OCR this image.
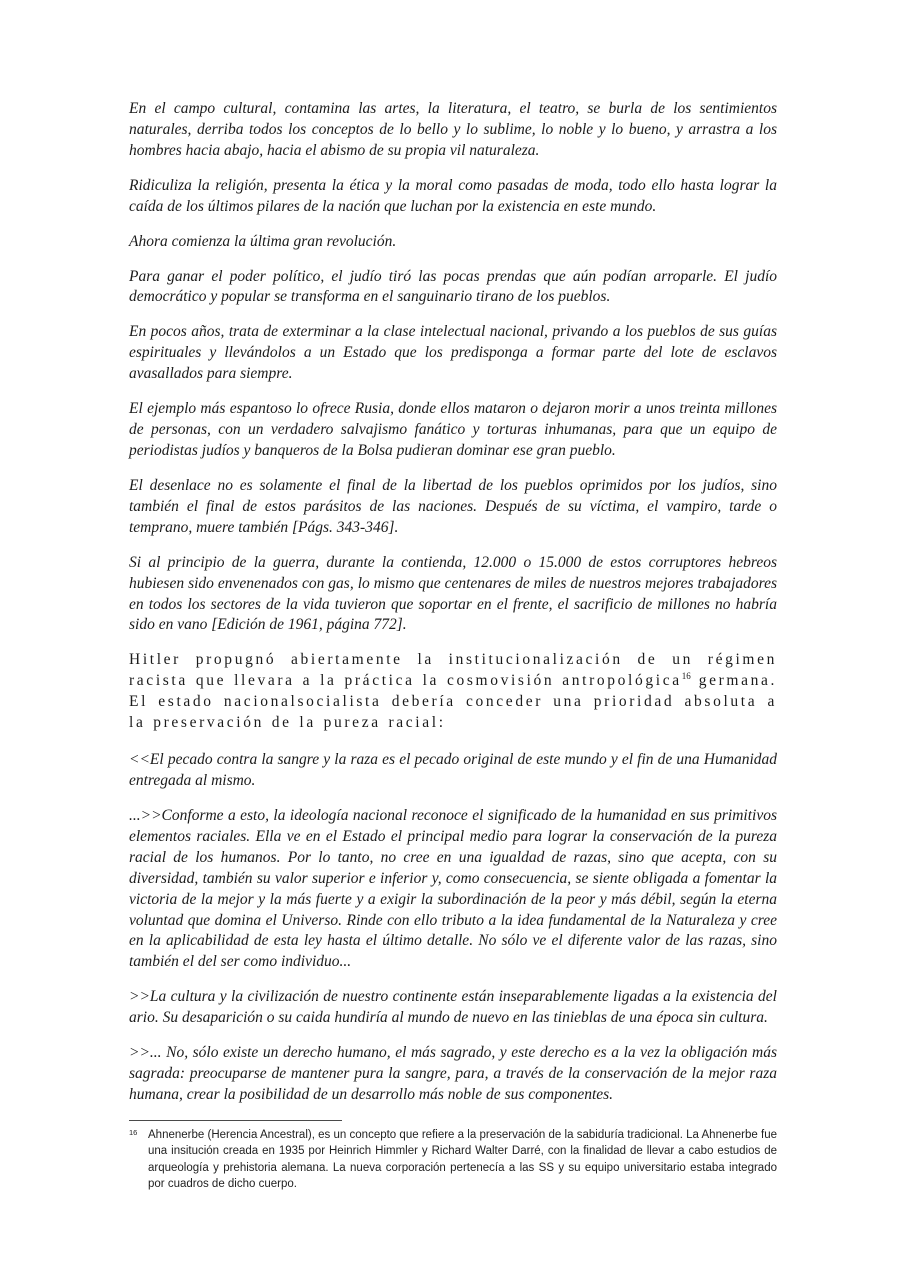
En el campo cultural, contamina las artes, la literatura, el teatro, se burla de los sentimientos naturales, derriba todos los conceptos de lo bello y lo sublime, lo noble y lo bueno, y arrastra a los hombres hacia abajo, hacia el abismo de su propia vil naturaleza.

Ridiculiza la religión, presenta la ética y la moral como pasadas de moda, todo ello hasta lograr la caída de los últimos pilares de la nación que luchan por la existencia en este mundo.

Ahora comienza la última gran revolución.

Para ganar el poder político, el judío tiró las pocas prendas que aún podían arroparle. El judío democrático y popular se transforma en el sanguinario tirano de los pueblos.

En pocos años, trata de exterminar a la clase intelectual nacional, privando a los pueblos de sus guías espirituales y llevándolos a un Estado que los predisponga a formar parte del lote de esclavos avasallados para siempre.

El ejemplo más espantoso lo ofrece Rusia, donde ellos mataron o dejaron morir a unos treinta millones de personas, con un verdadero salvajismo fanático y torturas inhumanas, para que un equipo de periodistas judíos y banqueros de la Bolsa pudieran dominar ese gran pueblo.

El desenlace no es solamente el final de la libertad de los pueblos oprimidos por los judíos, sino también el final de estos parásitos de las naciones. Después de su víctima, el vampiro, tarde o temprano, muere también [Págs. 343-346].

Si al principio de la guerra, durante la contienda, 12.000 o 15.000 de estos corruptores hebreos hubiesen sido envenenados con gas, lo mismo que centenares de miles de nuestros mejores trabajadores en todos los sectores de la vida tuvieron que soportar en el frente, el sacrificio de millones no habría sido en vano [Edición de 1961, página 772].

Hitler propugnó abiertamente la institucionalización de un régimen racista que llevara a la práctica la cosmovisión antropológica$^{16}$ germana. El estado nacionalsocialista debería conceder una prioridad absoluta a la preservación de la pureza racial:

<<El pecado contra la sangre y la raza es el pecado original de este mundo y el fin de una Humanidad entregada al mismo.

...>>Conforme a esto, la ideología nacional reconoce el significado de la humanidad en sus primitivos elementos raciales. Ella ve en el Estado el principal medio para lograr la conservación de la pureza racial de los humanos. Por lo tanto, no cree en una igualdad de razas, sino que acepta, con su diversidad, también su valor superior e inferior y, como consecuencia, se siente obligada a fomentar la victoria de la mejor y la más fuerte y a exigir la subordinación de la peor y más débil, según la eterna voluntad que domina el Universo. Rinde con ello tributo a la idea fundamental de la Naturaleza y cree en la aplicabilidad de esta ley hasta el último detalle. No sólo ve el diferente valor de las razas, sino también el del ser como individuo...

>>La cultura y la civilización de nuestro continente están inseparablemente ligadas a la existencia del ario. Su desaparición o su caida hundiría al mundo de nuevo en las tinieblas de una época sin cultura.

>>... No, sólo existe un derecho humano, el más sagrado, y este derecho es a la vez la obligación más sagrada: preocuparse de mantener pura la sangre, para, a través de la conservación de la mejor raza humana, crear la posibilidad de un desarrollo más noble de sus componentes.

16 Ahnenerbe (Herencia Ancestral), es un concepto que refiere a la preservación de la sabiduría tradicional. La Ahnenerbe fue una insitución creada en 1935 por Heinrich Himmler y Richard Walter Darré, con la finalidad de llevar a cabo estudios de arqueología y prehistoria alemana. La nueva corporación pertenecía a las SS y su equipo universitario estaba integrado por cuadros de dicho cuerpo.
